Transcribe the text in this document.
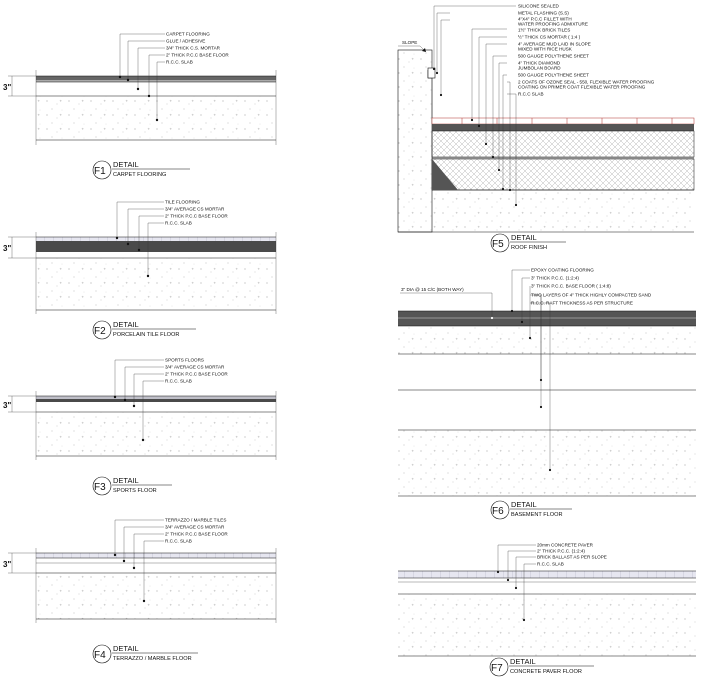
3"
CARPET FLOORING
GLUE / ADHESIVE
3/4" THICK C.S. MORTAR
2" THICK P.C.C BASE FLOOR
R.C.C. SLAB
F1
DETAIL
CARPET FLOORING
3"
TILE FLOORING
3/4" AVERAGE CS MORTAR
2" THICK P.C.C BASE FLOOR
R.C.C. SLAB
F2
DETAIL
PORCELAIN TILE FLOOR
3"
SPORTS FLOORS
3/4" AVERAGE CS MORTAR
2" THICK P.C.C BASE FLOOR
R.C.C. SLAB
F3
DETAIL
SPORTS FLOOR
3"
TERRAZZO / MARBLE TILES
3/4" AVERAGE CS MORTAR
2" THICK P.C.C BASE FLOOR
R.C.C. SLAB
F4
DETAIL
TERRAZZO / MARBLE FLOOR
SLOPE
SILICONE SEALED
METAL FLASHING (S.S)
4"X4" P.C.C FILLET WITH
WATER PROOFING ADMIXTURE
1½" THICK BRICK TILES
½" THICK CS MORTAR ( 1:4 )
4" AVERAGE MUD LAID IN SLOPE
MIXED WITH RICE HUSK
500 GAUGE POLYTHENE SHEET
4" THICK DIAMOND
JUMBOLAN BOARD
500 GAUGE POLYTHENE SHEET
2 COATS OF OZONE SEAL - 550, FLEXIBLE WATER PROOFING
COATING ON PRIMER COAT FLEXIBLE WATER PROOFING
R.C.C SLAB
F5
DETAIL
ROOF FINISH
3" DIA @ 15 C/C (BOTH WAY)
EPOXY COATING FLOORING
3" THICK P.C.C. (1:2:4)
3" THICK P.C.C. BASE FLOOR ( 1:4:8)
TWO LAYERS OF 4" THICK HIGHLY COMPACTED SAND
R.C.C. RAFT THICKNESS AS PER STRUCTURE
F6
DETAIL
BASEMENT FLOOR
20mm CONCRETE PAVER
2" THICK P.C.C. (1:2:4)
BRICK BALLAST AS PER SLOPE
R.C.C. SLAB
F7
DETAIL
CONCRETE PAVER FLOOR
